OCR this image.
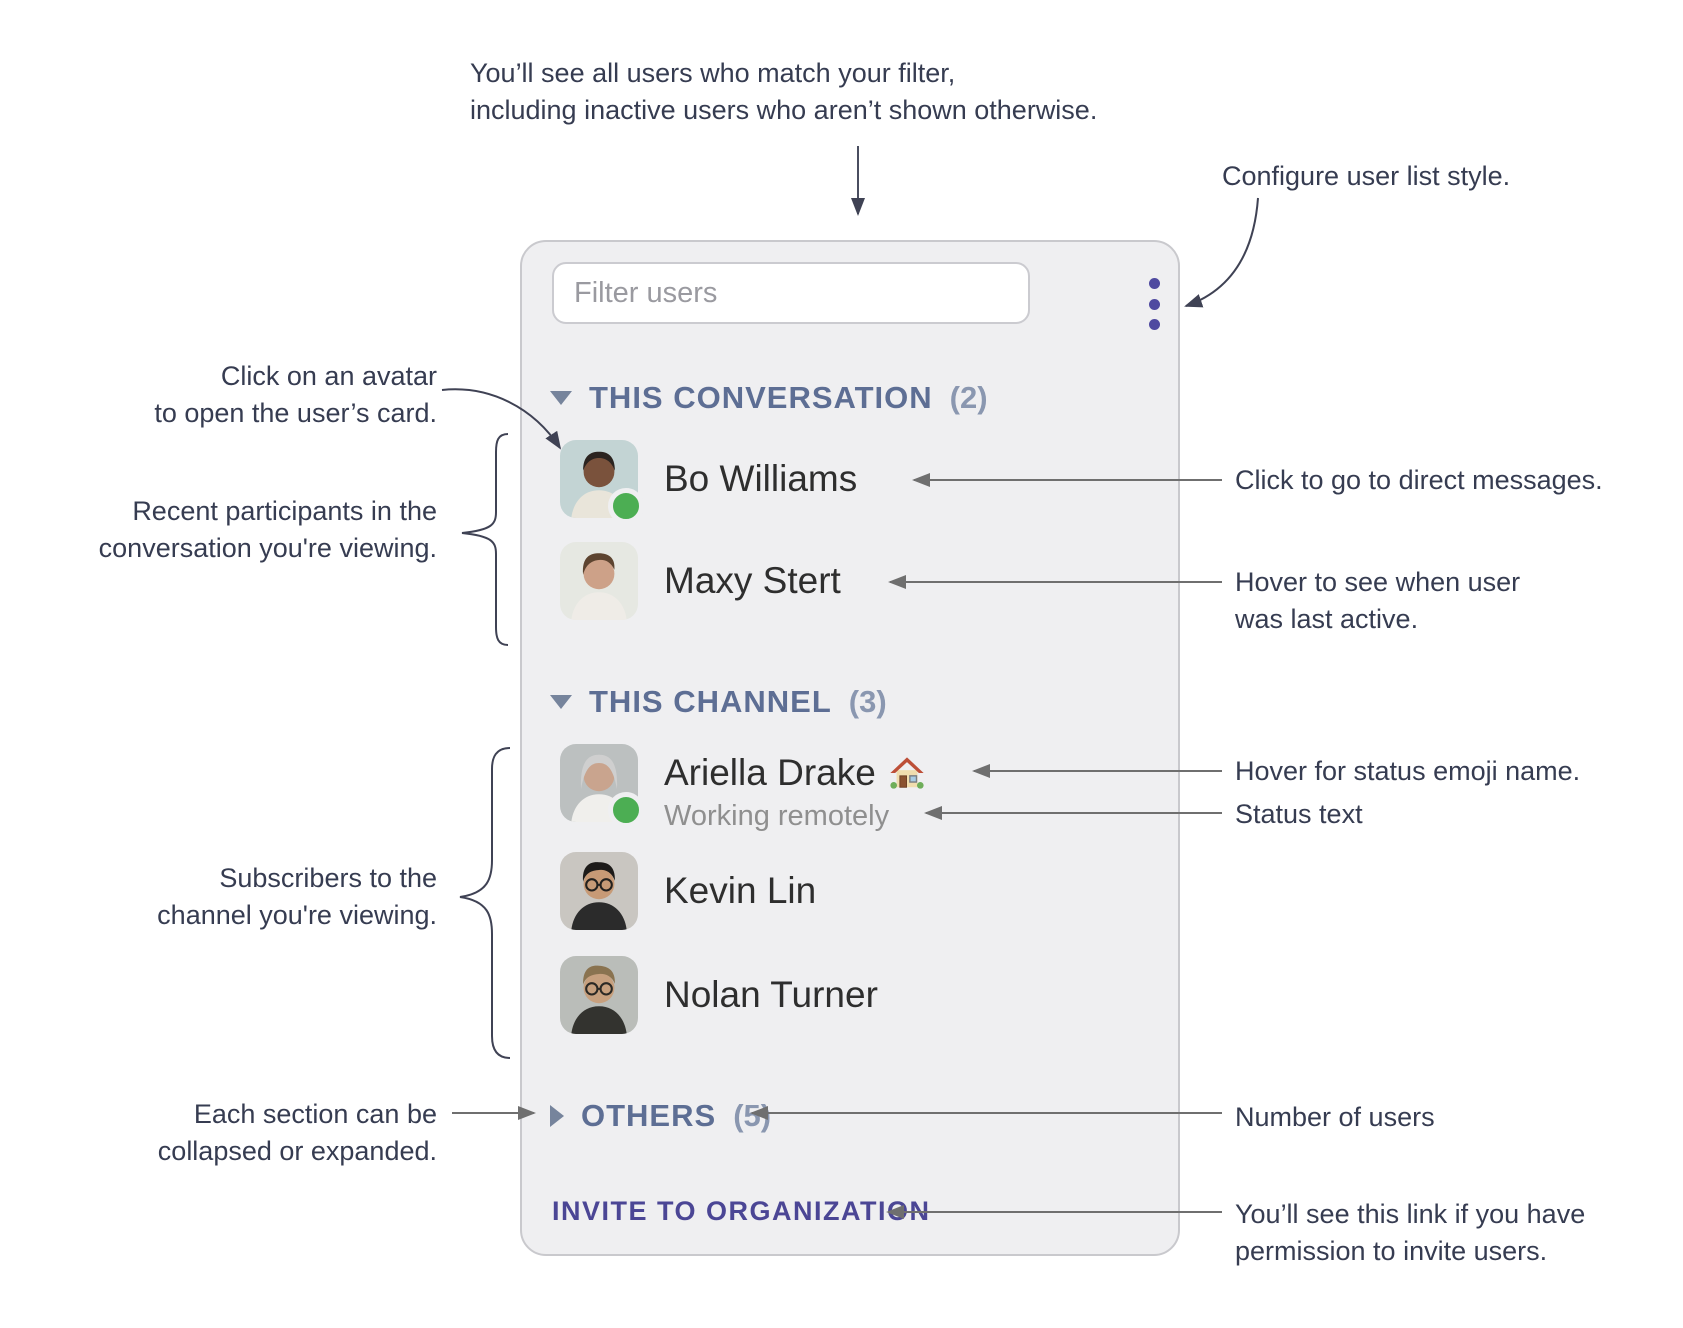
You’ll see all users who match your filter,
including inactive users who aren’t shown otherwise.
Configure user list style.
Click on an avatar
to open the user’s card.
Recent participants in the
conversation you're viewing.
Subscribers to the
channel you're viewing.
Each section can be
collapsed or expanded.
Click to go to direct messages.
Hover to see when user
was last active.
Hover for status emoji name.
Status text
Number of users
You’ll see this link if you have
permission to invite users.
Filter users
THIS CONVERSATION (2)
Bo Williams
Maxy Stert
THIS CHANNEL (3)
Ariella Drake
Working remotely
Kevin Lin
Nolan Turner
OTHERS (5)
INVITE TO ORGANIZATION
